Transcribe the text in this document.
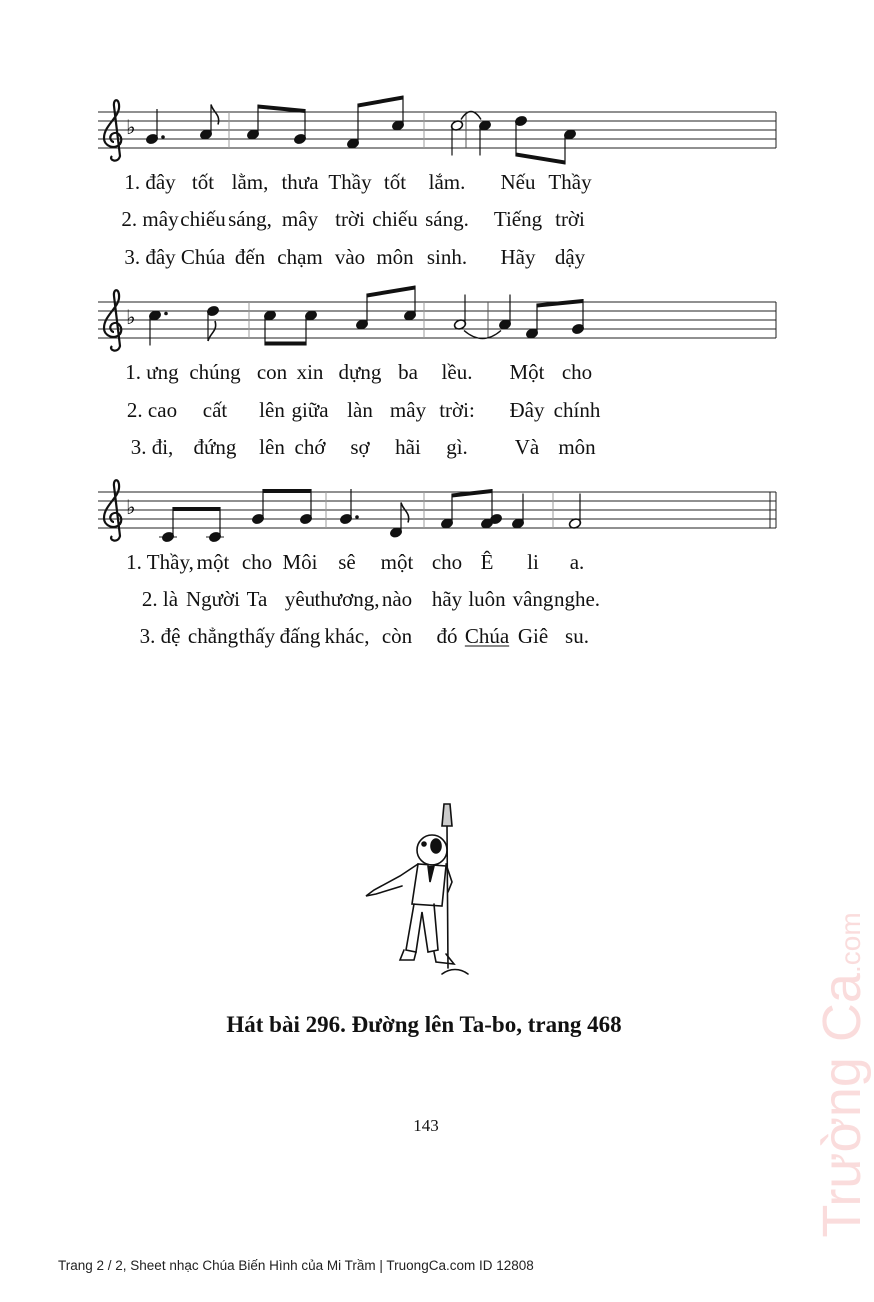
♭
♭
♭
1. đây tốt lằm, thưa Thầy tốt lắm. Nếu Thầy
2. mây chiếu sáng, mây trời chiếu sáng. Tiếng trời
3. đây Chúa đến chạm vào môn sinh. Hãy dậy
1. ưng chúng con xin dựng ba lều. Một cho
2. cao cất lên giữa làn mây trời: Đây chính
3. đi, đứng lên chớ sợ hãi gì. Và môn
1. Thầy, một cho Môi sê một cho Ê li a.
2. là Người Ta yêu thương, nào hãy luôn vâng nghe.
3. đệ chẳng thấy đấng khác, còn đó Chúa Giê su.
Hát bài 296. Đường lên Ta-bo, trang 468
143
Trang 2 / 2, Sheet nhạc Chúa Biến Hình của Mi Trầm | TruongCa.com ID 12808
Trường Ca.com
